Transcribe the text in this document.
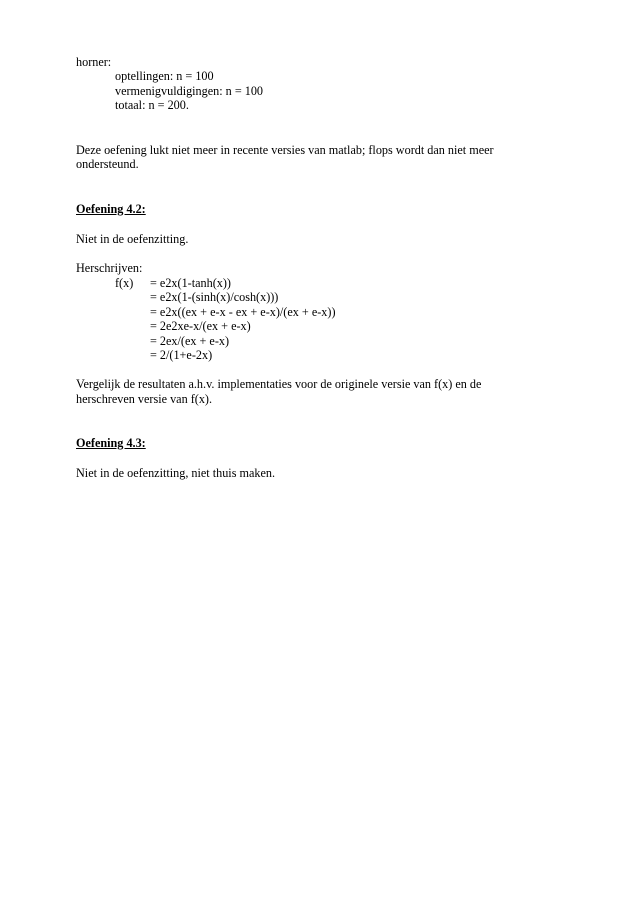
horner:
optellingen: n = 100
vermenigvuldigingen: n = 100
totaal: n = 200.
Deze oefening lukt niet meer in recente versies van matlab; flops wordt dan niet meer
ondersteund.
Oefening 4.2:
Niet in de oefenzitting.
Herschrijven:
f(x) = e2x(1-tanh(x))
= e2x(1-(sinh(x)/cosh(x)))
= e2x((ex + e-x - ex + e-x)/(ex + e-x))
= 2e2xe-x/(ex + e-x)
= 2ex/(ex + e-x)
= 2/(1+e-2x)
Vergelijk de resultaten a.h.v. implementaties voor de originele versie van f(x) en de
herschreven versie van f(x).
Oefening 4.3:
Niet in de oefenzitting, niet thuis maken.
